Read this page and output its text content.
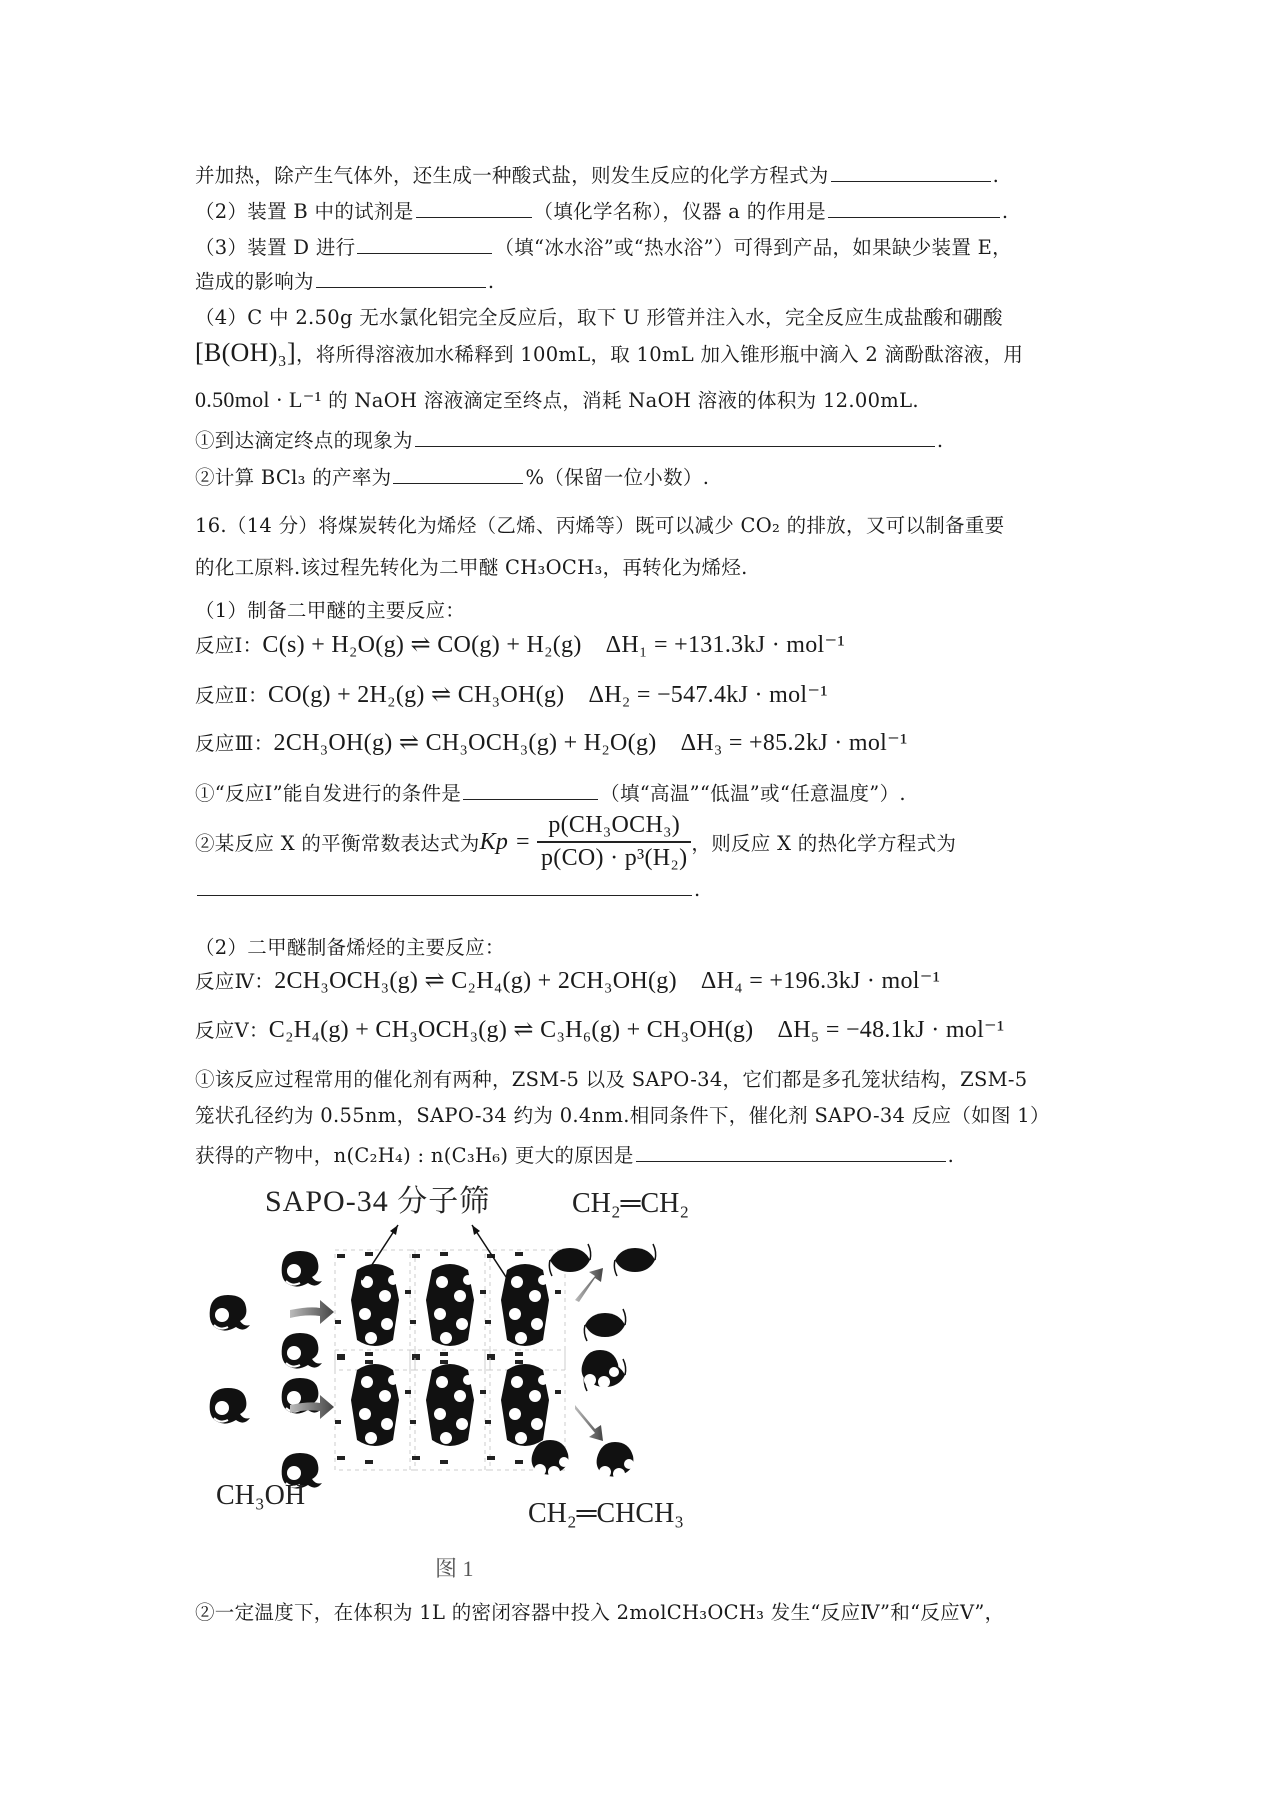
并加热，除产生气体外，还生成一种酸式盐，则发生反应的化学方程式为	.
（2）装置 B 中的试剂是	（填化学名称），仪器 a 的作用是	.
（3）装置 D 进行	（填“冰水浴”或“热水浴”）可得到产品，如果缺少装置 E，
造成的影响为	.
（4）C 中 2.50g 无水氯化铝完全反应后，取下 U 形管并注入水，完全反应生成盐酸和硼酸
[B(OH)₃]，将所得溶液加水稀释到 100mL，取 10mL 加入锥形瓶中滴入 2 滴酚酞溶液，用
0.50mol · L⁻¹ 的 NaOH 溶液滴定至终点，消耗 NaOH 溶液的体积为 12.00mL.
①到达滴定终点的现象为	.
②计算 BCl₃ 的产率为	%（保留一位小数）.
16.（14 分）将煤炭转化为烯烃（乙烯、丙烯等）既可以减少 CO₂ 的排放，又可以制备重要
的化工原料.该过程先转化为二甲醚 CH₃OCH₃，再转化为烯烃.
（1）制备二甲醚的主要反应：
反应Ⅰ：C(s) + H₂O(g) ⇌ CO(g) + H₂(g) ΔH₁ = +131.3kJ · mol⁻¹
反应Ⅱ：CO(g) + 2H₂(g) ⇌ CH₃OH(g) ΔH₂ = −547.4kJ · mol⁻¹
反应Ⅲ：2CH₃OH(g) ⇌ CH₃OCH₃(g) + H₂O(g) ΔH₃ = +85.2kJ · mol⁻¹
①“反应Ⅰ”能自发进行的条件是	（填“高温”“低温”或“任意温度”）.
②某反应 X 的平衡常数表达式为 $Kp = \frac{\text{p(CH₃OCH₃)}}{\text{p(CO) · p³(H₂)}}$ ，则反应 X 的热化学方程式为
.
（2）二甲醚制备烯烃的主要反应：
反应Ⅳ：2CH₃OCH₃(g) ⇌ C₂H₄(g) + 2CH₃OH(g) ΔH₄ = +196.3kJ · mol⁻¹
反应Ⅴ：C₂H₄(g) + CH₃OCH₃(g) ⇌ C₃H₆(g) + CH₃OH(g) ΔH₅ = −48.1kJ · mol⁻¹
①该反应过程常用的催化剂有两种，ZSM-5 以及 SAPO-34，它们都是多孔笼状结构，ZSM-5
笼状孔径约为 0.55nm，SAPO-34 约为 0.4nm.相同条件下，催化剂 SAPO-34 反应（如图 1）
获得的产物中，n(C₂H₄) : n(C₃H₆) 更大的原因是	.
SAPO-34 分子筛	CH₂═CH₂
CH₃OH
CH₂═CHCH₃
图 1
②一定温度下，在体积为 1L 的密闭容器中投入 2molCH₃OCH₃ 发生“反应Ⅳ”和“反应Ⅴ”，
